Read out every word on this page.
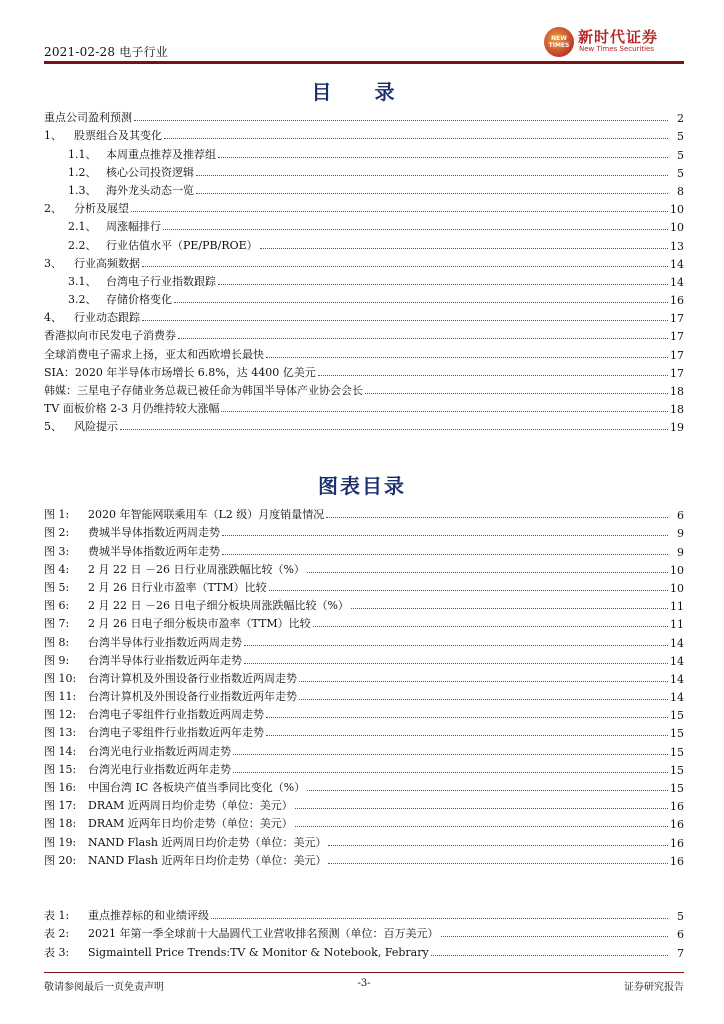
2021-02-28 电子行业
NEW TIMES 新时代证券
New Times Securities
目 录
重点公司盈利预测	2
1、 股票组合及其变化	5
1.1、 本周重点推荐及推荐组	5
1.2、 核心公司投资逻辑	5
1.3、 海外龙头动态一览	8
2、 分析及展望	10
2.1、 周涨幅排行	10
2.2、 行业估值水平（PE/PB/ROE）	13
3、 行业高频数据	14
3.1、 台湾电子行业指数跟踪	14
3.2、 存储价格变化	16
4、 行业动态跟踪	17
香港拟向市民发电子消费券	17
全球消费电子需求上扬，亚太和西欧增长最快	17
SIA：2020 年半导体市场增长 6.8%，达 4400 亿美元	17
韩媒：三星电子存储业务总裁已被任命为韩国半导体产业协会会长	18
TV 面板价格 2-3 月仍维持较大涨幅	18
5、 风险提示	19
图表目录
图 1: 2020 年智能网联乘用车（L2 级）月度销量情况	6
图 2: 费城半导体指数近两周走势	9
图 3: 费城半导体指数近两年走势	9
图 4: 2 月 22 日 －26 日行业周涨跌幅比较（%）	10
图 5: 2 月 26 日行业市盈率（TTM）比较	10
图 6: 2 月 22 日 －26 日电子细分板块周涨跌幅比较（%）	11
图 7: 2 月 26 日电子细分板块市盈率（TTM）比较	11
图 8: 台湾半导体行业指数近两周走势	14
图 9: 台湾半导体行业指数近两年走势	14
图 10: 台湾计算机及外围设备行业指数近两周走势	14
图 11: 台湾计算机及外围设备行业指数近两年走势	14
图 12: 台湾电子零组件行业指数近两周走势	15
图 13: 台湾电子零组件行业指数近两年走势	15
图 14: 台湾光电行业指数近两周走势	15
图 15: 台湾光电行业指数近两年走势	15
图 16: 中国台湾 IC 各板块产值当季同比变化（%）	15
图 17: DRAM 近两周日均价走势（单位：美元）	16
图 18: DRAM 近两年日均价走势（单位：美元）	16
图 19: NAND Flash 近两周日均价走势（单位：美元）	16
图 20: NAND Flash 近两年日均价走势（单位：美元）	16
表 1: 重点推荐标的和业绩评级	5
表 2: 2021 年第一季全球前十大晶圆代工业营收排名预测（单位：百万美元）	6
表 3: Sigmaintell Price Trends:TV & Monitor & Notebook, Febrary	7
敬请参阅最后一页免责声明	-3-	证券研究报告
